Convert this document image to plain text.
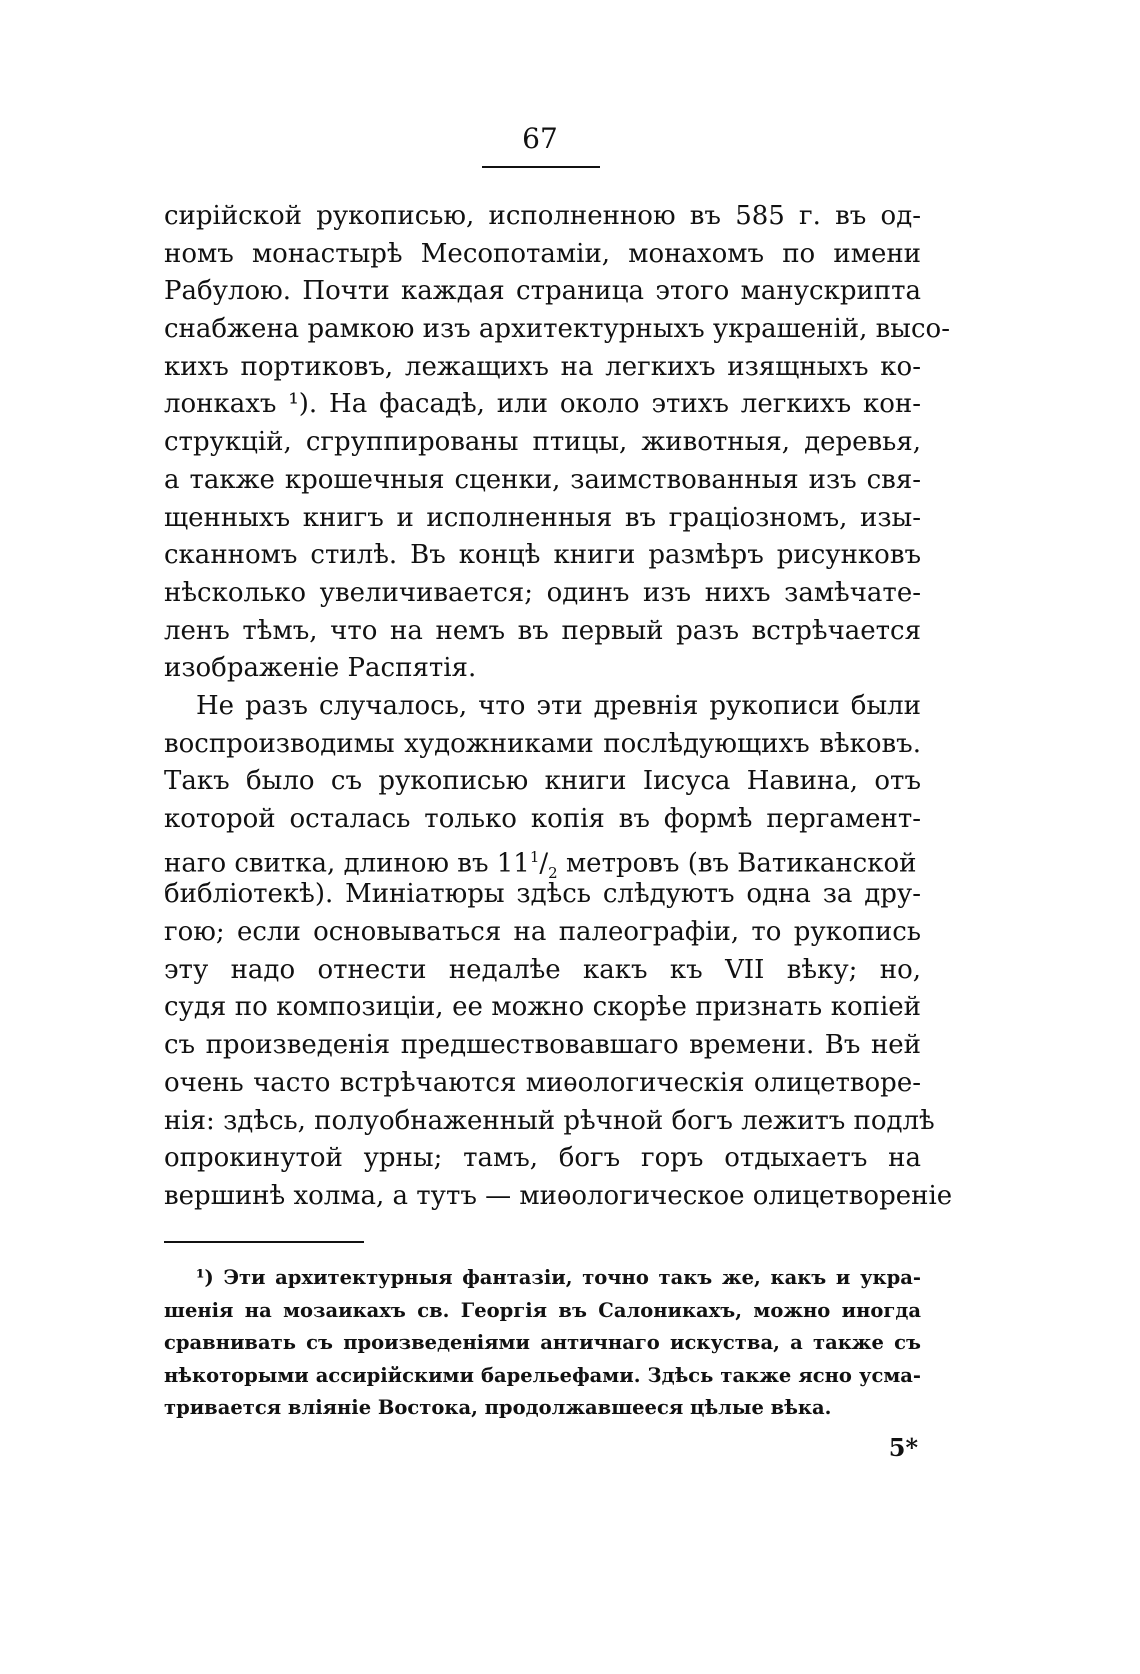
67
сирійской рукописью, исполненною въ 585 г. въ од-
номъ монастырѣ Месопотаміи, монахомъ по имени
Рабулою. Почти каждая страница этого манускрипта
снабжена рамкою изъ архитектурныхъ украшеній, высо-
кихъ портиковъ, лежащихъ на легкихъ изящныхъ ко-
лонкахъ ¹). На фасадѣ, или около этихъ легкихъ кон-
струкцій, сгруппированы птицы, животныя, деревья,
а также крошечныя сценки, заимствованныя изъ свя-
щенныхъ книгъ и исполненныя въ граціозномъ, изы-
сканномъ стилѣ. Въ концѣ книги размѣръ рисунковъ
нѣсколько увеличивается; одинъ изъ нихъ замѣчате-
ленъ тѣмъ, что на немъ въ первый разъ встрѣчается
изображеніе Распятія.
Не разъ случалось, что эти древнія рукописи были
воспроизводимы художниками послѣдующихъ вѣковъ.
Такъ было съ рукописью книги Іисуса Навина, отъ
которой осталась только копія въ формѣ пергамент-
наго свитка, длиною въ $11^1/_2$ метровъ (въ Ватиканской
библіотекѣ). Миніатюры здѣсь слѣдуютъ одна за дру-
гою; если основываться на палеографіи, то рукопись
эту надо отнести недалѣе какъ къ VII вѣку; но,
судя по композиціи, ее можно скорѣе признать копіей
съ произведенія предшествовавшаго времени. Въ ней
очень часто встрѣчаются миѳологическія олицетворе-
нія: здѣсь, полуобнаженный рѣчной богъ лежитъ подлѣ
опрокинутой урны; тамъ, богъ горъ отдыхаетъ на
вершинѣ холма, а тутъ — миѳологическое олицетвореніе
¹) Эти архитектурныя фантазіи, точно такъ же, какъ и укра-
шенія на мозаикахъ св. Георгія въ Салоникахъ, можно иногда
сравнивать съ произведеніями античнаго искуства, а также съ
нѣкоторыми ассирійскими барельефами. Здѣсь также ясно усма-
тривается вліяніе Востока, продолжавшееся цѣлые вѣка.
5*
